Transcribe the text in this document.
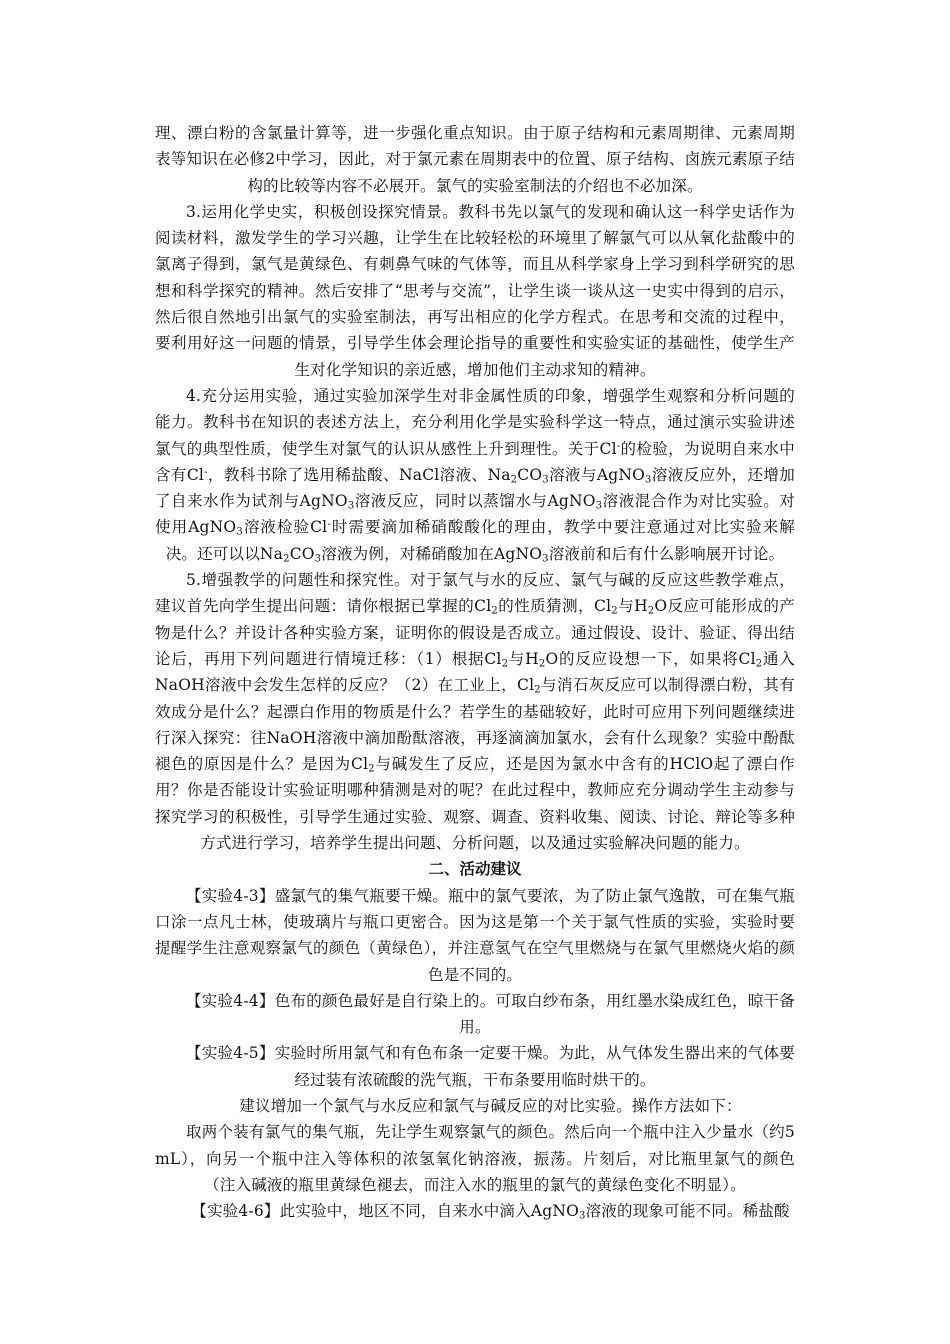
理、漂白粉的含氯量计算等，进一步强化重点知识。由于原子结构和元素周期律、元素周期表等知识在必修2中学习，因此，对于氯元素在周期表中的位置、原子结构、卤族元素原子结构的比较等内容不必展开。氯气的实验室制法的介绍也不必加深。

3.运用化学史实，积极创设探究情景。教科书先以氯气的发现和确认这一科学史话作为阅读材料，激发学生的学习兴趣，让学生在比较轻松的环境里了解氯气可以从氧化盐酸中的氯离子得到，氯气是黄绿色、有刺鼻气味的气体等，而且从科学家身上学习到科学研究的思想和科学探究的精神。然后安排了“思考与交流”，让学生谈一谈从这一史实中得到的启示，然后很自然地引出氯气的实验室制法，再写出相应的化学方程式。在思考和交流的过程中，要利用好这一问题的情景，引导学生体会理论指导的重要性和实验实证的基础性，使学生产生对化学知识的亲近感，增加他们主动求知的精神。

4.充分运用实验，通过实验加深学生对非金属性质的印象，增强学生观察和分析问题的能力。教科书在知识的表述方法上，充分利用化学是实验科学这一特点，通过演示实验讲述氯气的典型性质，使学生对氯气的认识从感性上升到理性。关于Cl-的检验，为说明自来水中含有Cl-，教科书除了选用稀盐酸、NaCl溶液、$Na_2CO_3$溶液与AgNO$_3$溶液反应外，还增加了自来水作为试剂与AgNO$_3$溶液反应，同时以蒸馏水与AgNO$_3$溶液混合作为对比实验。对使用AgNO$_3$溶液检验Cl-时需要滴加稀硝酸酸化的理由，教学中要注意通过对比实验来解决。还可以以$Na_2CO_3$溶液为例，对稀硝酸加在AgNO$_3$溶液前和后有什么影响展开讨论。

5.增强教学的问题性和探究性。对于氯气与水的反应、氯气与碱的反应这些教学难点，建议首先向学生提出问题：请你根据已掌握的$Cl_2$的性质猜测，$Cl_2$与$H_2O$反应可能形成的产物是什么？并设计各种实验方案，证明你的假设是否成立。通过假设、设计、验证、得出结论后，再用下列问题进行情境迁移：（1）根据$Cl_2$与$H_2O$的反应设想一下，如果将$Cl_2$通入NaOH溶液中会发生怎样的反应？（2）在工业上，$Cl_2$与消石灰反应可以制得漂白粉，其有效成分是什么？起漂白作用的物质是什么？若学生的基础较好，此时可应用下列问题继续进行深入探究：往NaOH溶液中滴加酚酞溶液，再逐滴滴加氯水，会有什么现象？实验中酚酞褪色的原因是什么？是因为$Cl_2$与碱发生了反应，还是因为氯水中含有的HClO起了漂白作用？你是否能设计实验证明哪种猜测是对的呢？在此过程中，教师应充分调动学生主动参与探究学习的积极性，引导学生通过实验、观察、调查、资料收集、阅读、讨论、辩论等多种方式进行学习，培养学生提出问题、分析问题，以及通过实验解决问题的能力。

二、活动建议

【实验4-3】盛氯气的集气瓶要干燥。瓶中的氯气要浓，为了防止氯气逸散，可在集气瓶口涂一点凡士林，使玻璃片与瓶口更密合。因为这是第一个关于氯气性质的实验，实验时要提醒学生注意观察氯气的颜色（黄绿色），并注意氢气在空气里燃烧与在氯气里燃烧火焰的颜色是不同的。

【实验4-4】色布的颜色最好是自行染上的。可取白纱布条，用红墨水染成红色，晾干备用。

【实验4-5】实验时所用氯气和有色布条一定要干燥。为此，从气体发生器出来的气体要经过装有浓硫酸的洗气瓶，干布条要用临时烘干的。

建议增加一个氯气与水反应和氯气与碱反应的对比实验。操作方法如下：

取两个装有氯气的集气瓶，先让学生观察氯气的颜色。然后向一个瓶中注入少量水（约5 mL），向另一个瓶中注入等体积的浓氢氧化钠溶液，振荡。片刻后，对比瓶里氯气的颜色（注入碱液的瓶里黄绿色褪去，而注入水的瓶里的氯气的黄绿色变化不明显）。

【实验4-6】此实验中，地区不同，自来水中滴入AgNO$_3$溶液的现象可能不同。稀盐酸
